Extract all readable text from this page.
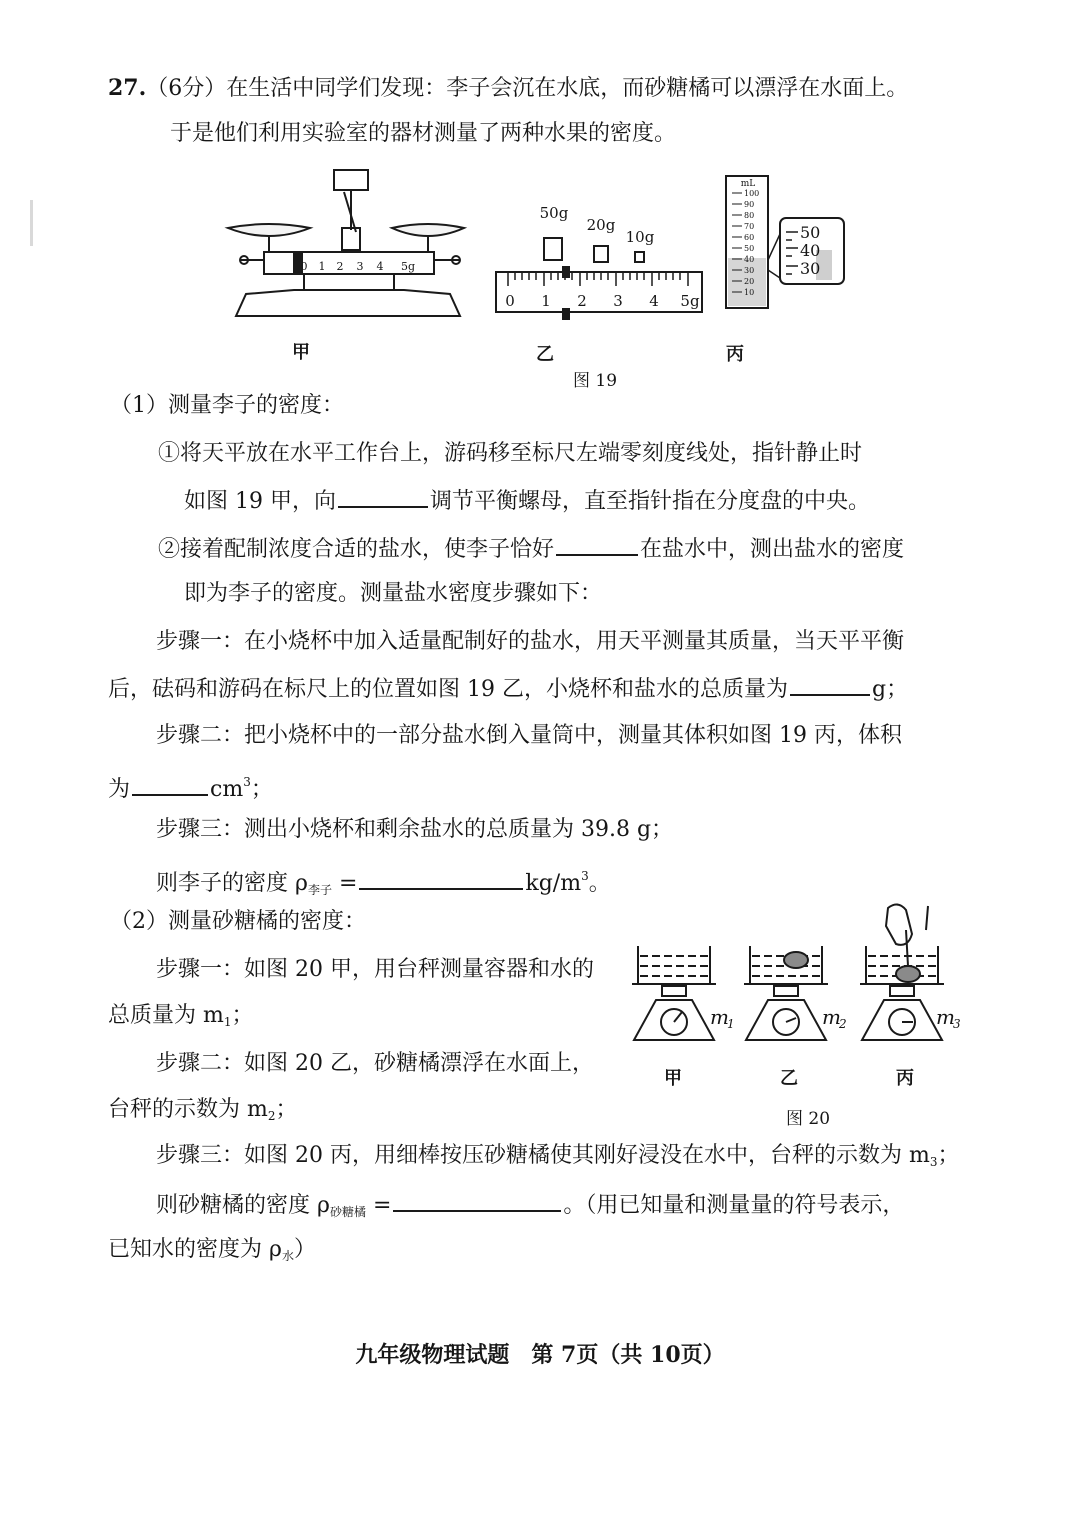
27.（6分）在生活中同学们发现：李子会沉在水底，而砂糖橘可以漂浮在水面上。
于是他们利用实验室的器材测量了两种水果的密度。
0 1 2 3 4 5g
50g
20g
10g
0 1 2 3 4 5g
mL
100
90
80
70
60
50
40
30
20
10
50
40
30
甲	乙	丙
图 19
（1）测量李子的密度：
①将天平放在水平工作台上，游码移至标尺左端零刻度线处，指针静止时
如图 19 甲，向	调节平衡螺母，直至指针指在分度盘的中央。
②接着配制浓度合适的盐水，使李子恰好	在盐水中，测出盐水的密度
即为李子的密度。测量盐水密度步骤如下：
步骤一：在小烧杯中加入适量配制好的盐水，用天平测量其质量，当天平平衡
后，砝码和游码在标尺上的位置如图 19 乙，小烧杯和盐水的总质量为	g；
步骤二：把小烧杯中的一部分盐水倒入量筒中，测量其体积如图 19 丙，体积
为	$cm^3$；
步骤三：测出小烧杯和剩余盐水的总质量为 39.8 g；
则李子的密度 $\rho_{李子}$ =	$kg/m^3$。
（2）测量砂糖橘的密度：
步骤一：如图 20 甲，用台秤测量容器和水的
总质量为 $m_1$；
步骤二：如图 20 乙，砂糖橘漂浮在水面上，
台秤的示数为 $m_2$；
步骤三：如图 20 丙，用细棒按压砂糖橘使其刚好浸没在水中，台秤的示数为 $m_3$；
则砂糖橘的密度 $\rho_{砂糖橘}$ =	。（用已知量和测量量的符号表示，
已知水的密度为 $\rho_水$）
m
1	m
2	m
3
甲	乙	丙
图 20
九年级物理试题　 第 7页（共 10页）
